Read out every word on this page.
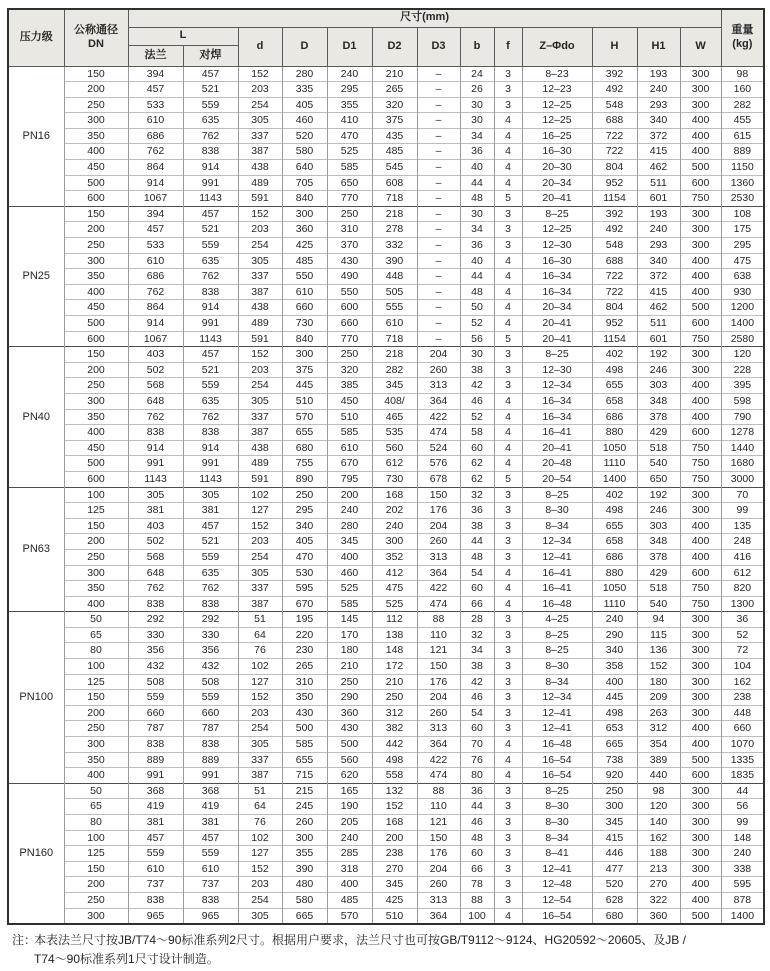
压力级	
公称通径
DN
	尺寸(mm)	
重量
(kg)

		L		d	D	D1	D2	D3	b	f	Z–Φdo	H	H1	W	
		法兰	对焊												
PN16	150	394	457	152	280	240	210	–	24	3	8–23	392	193	300	98
	200	457	521	203	335	295	265	–	26	3	12–23	492	240	300	160
	250	533	559	254	405	355	320	–	30	3	12–25	548	293	300	282
	300	610	635	305	460	410	375	–	30	4	12–25	688	340	400	455
	350	686	762	337	520	470	435	–	34	4	16–25	722	372	400	615
	400	762	838	387	580	525	485	–	36	4	16–30	722	415	400	889
	450	864	914	438	640	585	545	–	40	4	20–30	804	462	500	1150
	500	914	991	489	705	650	608	–	44	4	20–34	952	511	600	1360
	600	1067	1143	591	840	770	718	–	48	5	20–41	1154	601	750	2530
PN25	150	394	457	152	300	250	218	–	30	3	8–25	392	193	300	108
	200	457	521	203	360	310	278	–	34	3	12–25	492	240	300	175
	250	533	559	254	425	370	332	–	36	3	12–30	548	293	300	295
	300	610	635	305	485	430	390	–	40	4	16–30	688	340	400	475
	350	686	762	337	550	490	448	–	44	4	16–34	722	372	400	638
	400	762	838	387	610	550	505	–	48	4	16–34	722	415	400	930
	450	864	914	438	660	600	555	–	50	4	20–34	804	462	500	1200
	500	914	991	489	730	660	610	–	52	4	20–41	952	511	600	1400
	600	1067	1143	591	840	770	718	–	56	5	20–41	1154	601	750	2580
PN40	150	403	457	152	300	250	218	204	30	3	8–25	402	192	300	120
	200	502	521	203	375	320	282	260	38	3	12–30	498	246	300	228
	250	568	559	254	445	385	345	313	42	3	12–34	655	303	400	395
	300	648	635	305	510	450	408/	364	46	4	16–34	658	348	400	598
	350	762	762	337	570	510	465	422	52	4	16–34	686	378	400	790
	400	838	838	387	655	585	535	474	58	4	16–41	880	429	600	1278
	450	914	914	438	680	610	560	524	60	4	20–41	1050	518	750	1440
	500	991	991	489	755	670	612	576	62	4	20–48	1110	540	750	1680
	600	1143	1143	591	890	795	730	678	62	5	20–54	1400	650	750	3000
PN63	100	305	305	102	250	200	168	150	32	3	8–25	402	192	300	70
	125	381	381	127	295	240	202	176	36	3	8–30	498	246	300	99
	150	403	457	152	340	280	240	204	38	3	8–34	655	303	400	135
	200	502	521	203	405	345	300	260	44	3	12–34	658	348	400	248
	250	568	559	254	470	400	352	313	48	3	12–41	686	378	400	416
	300	648	635	305	530	460	412	364	54	4	16–41	880	429	600	612
	350	762	762	337	595	525	475	422	60	4	16–41	1050	518	750	820
	400	838	838	387	670	585	525	474	66	4	16–48	1110	540	750	1300
PN100	50	292	292	51	195	145	112	88	28	3	4–25	240	94	300	36
	65	330	330	64	220	170	138	110	32	3	8–25	290	115	300	52
	80	356	356	76	230	180	148	121	34	3	8–25	340	136	300	72
	100	432	432	102	265	210	172	150	38	3	8–30	358	152	300	104
	125	508	508	127	310	250	210	176	42	3	8–34	400	180	300	162
	150	559	559	152	350	290	250	204	46	3	12–34	445	209	300	238
	200	660	660	203	430	360	312	260	54	3	12–41	498	263	300	448
	250	787	787	254	500	430	382	313	60	3	12–41	653	312	400	660
	300	838	838	305	585	500	442	364	70	4	16–48	665	354	400	1070
	350	889	889	337	655	560	498	422	76	4	16–54	738	389	500	1335
	400	991	991	387	715	620	558	474	80	4	16–54	920	440	600	1835
PN160	50	368	368	51	215	165	132	88	36	3	8–25	250	98	300	44
	65	419	419	64	245	190	152	110	44	3	8–30	300	120	300	56
	80	381	381	76	260	205	168	121	46	3	8–30	345	140	300	99
	100	457	457	102	300	240	200	150	48	3	8–34	415	162	300	148
	125	559	559	127	355	285	238	176	60	3	8–41	446	188	300	240
	150	610	610	152	390	318	270	204	66	3	12–41	477	213	300	338
	200	737	737	203	480	400	345	260	78	3	12–48	520	270	400	595
	250	838	838	254	580	485	425	313	88	3	12–54	628	322	400	878
	300	965	965	305	665	570	510	364	100	4	16–54	680	360	500	1400
注：
本表法兰尺寸按JB/T74～90标准系列2尺寸。根据用户要求，法兰尺寸也可按GB/T9112～9124、HG20592～20605、及JB /
T74～90标准系列1尺寸设计制造。
